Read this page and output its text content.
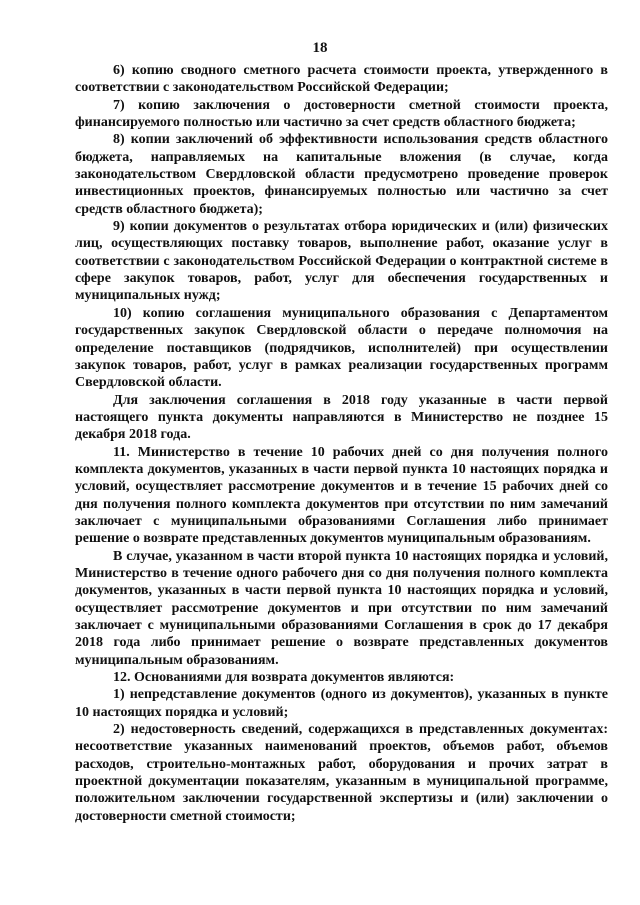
18

6) копию сводного сметного расчета стоимости проекта, утвержденного в соответствии с законодательством Российской Федерации;

7) копию заключения о достоверности сметной стоимости проекта, финансируемого полностью или частично за счет средств областного бюджета;

8) копии заключений об эффективности использования средств областного бюджета, направляемых на капитальные вложения (в случае, когда законодательством Свердловской области предусмотрено проведение проверок инвестиционных проектов, финансируемых полностью или частично за счет средств областного бюджета);

9) копии документов о результатах отбора юридических и (или) физических лиц, осуществляющих поставку товаров, выполнение работ, оказание услуг в соответствии с законодательством Российской Федерации о контрактной системе в сфере закупок товаров, работ, услуг для обеспечения государственных и муниципальных нужд;

10) копию соглашения муниципального образования с Департаментом государственных закупок Свердловской области о передаче полномочия на определение поставщиков (подрядчиков, исполнителей) при осуществлении закупок товаров, работ, услуг в рамках реализации государственных программ Свердловской области.

Для заключения соглашения в 2018 году указанные в части первой настоящего пункта документы направляются в Министерство не позднее 15 декабря 2018 года.

11. Министерство в течение 10 рабочих дней со дня получения полного комплекта документов, указанных в части первой пункта 10 настоящих порядка и условий, осуществляет рассмотрение документов и в течение 15 рабочих дней со дня получения полного комплекта документов при отсутствии по ним замечаний заключает с муниципальными образованиями Соглашения либо принимает решение о возврате представленных документов муниципальным образованиям.

В случае, указанном в части второй пункта 10 настоящих порядка и условий, Министерство в течение одного рабочего дня со дня получения полного комплекта документов, указанных в части первой пункта 10 настоящих порядка и условий, осуществляет рассмотрение документов и при отсутствии по ним замечаний заключает с муниципальными образованиями Соглашения в срок до 17 декабря 2018 года либо принимает решение о возврате представленных документов муниципальным образованиям.

12. Основаниями для возврата документов являются:

1) непредставление документов (одного из документов), указанных в пункте 10 настоящих порядка и условий;

2) недостоверность сведений, содержащихся в представленных документах: несоответствие указанных наименований проектов, объемов работ, объемов расходов, строительно-монтажных работ, оборудования и прочих затрат в проектной документации показателям, указанным в муниципальной программе, положительном заключении государственной экспертизы и (или) заключении о достоверности сметной стоимости;
